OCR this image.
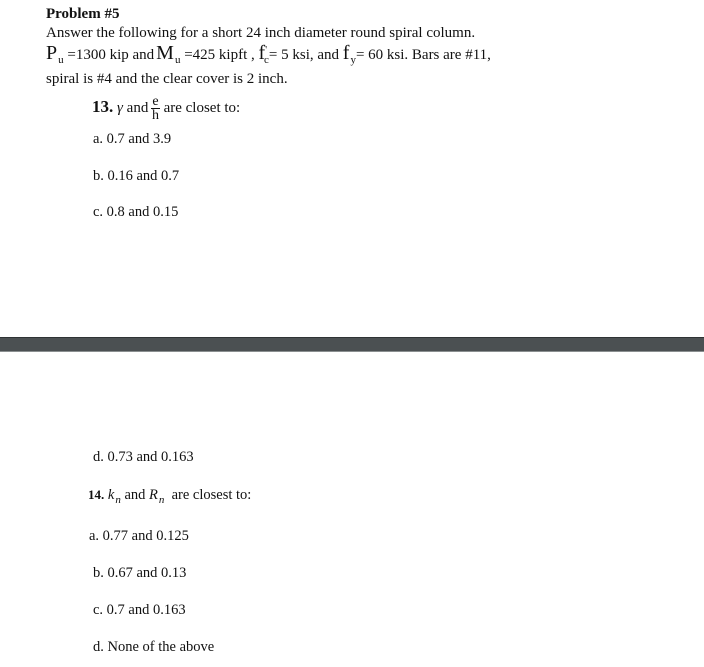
Problem #5
Answer the following for a short 24 inch diameter round spiral column.
$P_u =1300$ kip and $M_u =425$ kipft , $f'_c= 5$ ksi, and $f_y= 60$ ksi. Bars are #11,
spiral is #4 and the clear cover is 2 inch.
13. γ and $\frac{e}{h}$ are closet to:
a. 0.7 and 3.9
b. 0.16 and 0.7
c. 0.8 and 0.15
d. 0.73 and 0.163
14. $k_n$ and $R_n$ are closest to:
a. 0.77 and 0.125
b. 0.67 and 0.13
c. 0.7 and 0.163
d. None of the above
